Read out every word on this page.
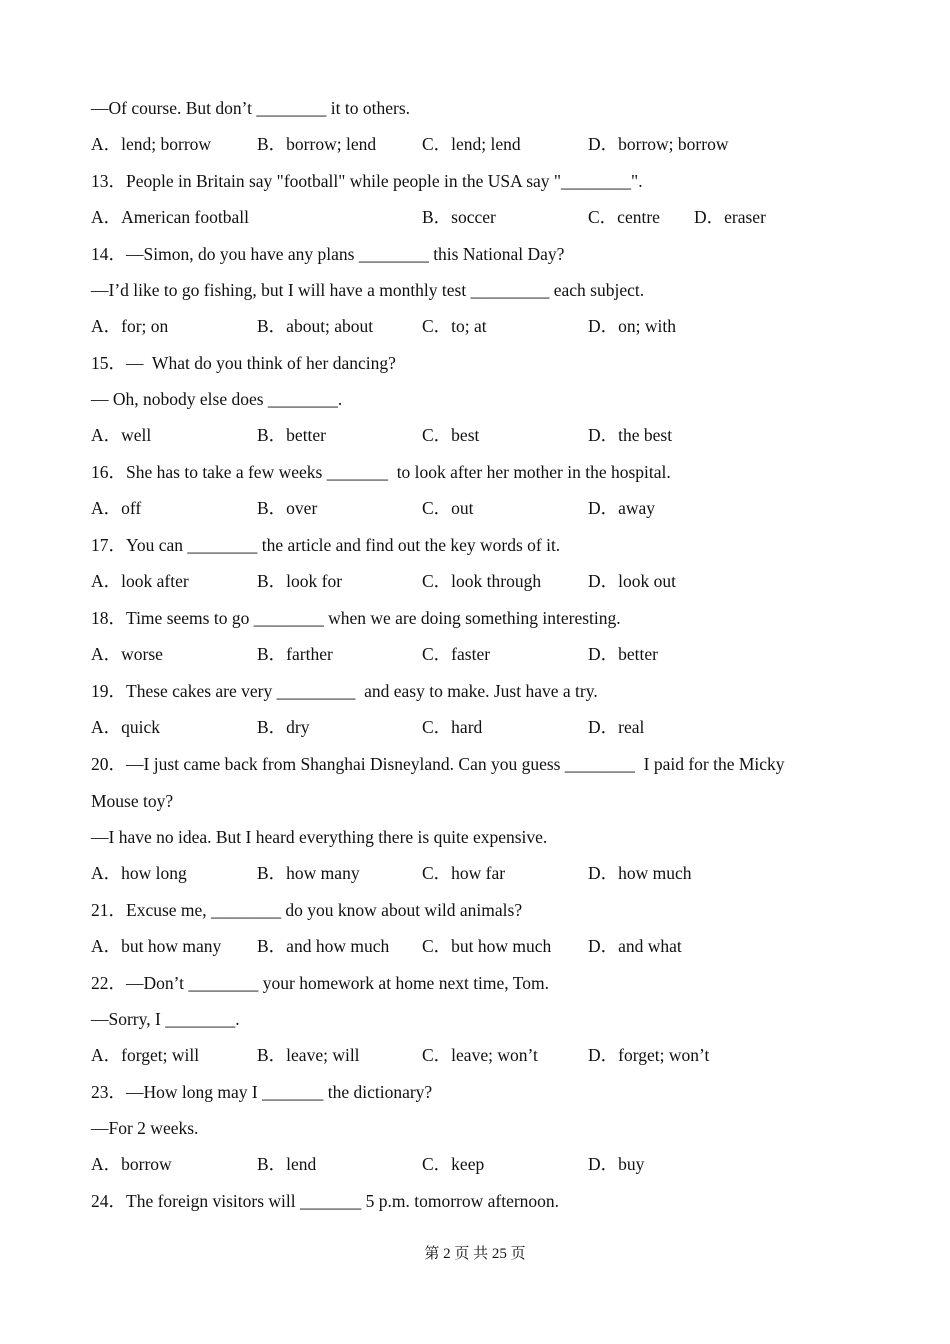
—Of course. But don’t ________ it to others.
A．lend; borrow	B．borrow; lend	C．lend; lend	D．borrow; borrow
13．People in Britain say "football" while people in the USA say "________".
A．American football	B．soccer	C．centre D．eraser
14．—Simon, do you have any plans ________ this National Day?
—I’d like to go fishing, but I will have a monthly test _________ each subject.
A．for; on	B．about; about	C．to; at	D．on; with
15．—  What do you think of her dancing?
— Oh, nobody else does ________.
A．well	B．better	C．best	D．the best
16．She has to take a few weeks _______  to look after her mother in the hospital.
A．off	B．over	C．out	D．away
17．You can ________ the article and find out the key words of it.
A．look after	B．look for	C．look through	D．look out
18．Time seems to go ________ when we are doing something interesting.
A．worse	B．farther	C．faster	D．better
19．These cakes are very _________  and easy to make. Just have a try.
A．quick	B．dry	C．hard	D．real
20．—I just came back from Shanghai Disneyland. Can you guess ________  I paid for the Micky
Mouse toy?
—I have no idea. But I heard everything there is quite expensive.
A．how long	B．how many	C．how far	D．how much
21．Excuse me, ________ do you know about wild animals?
A．but how many B．and how much C．but how much D．and what
22．—Don’t ________ your homework at home next time, Tom.
—Sorry, I ________.
A．forget; will	B．leave; will	C．leave; won’t	D．forget; won’t
23．—How long may I _______ the dictionary?
—For 2 weeks.
A．borrow	B．lend	C．keep	D．buy
24．The foreign visitors will _______ 5 p.m. tomorrow afternoon.
第 2 页 共 25 页
